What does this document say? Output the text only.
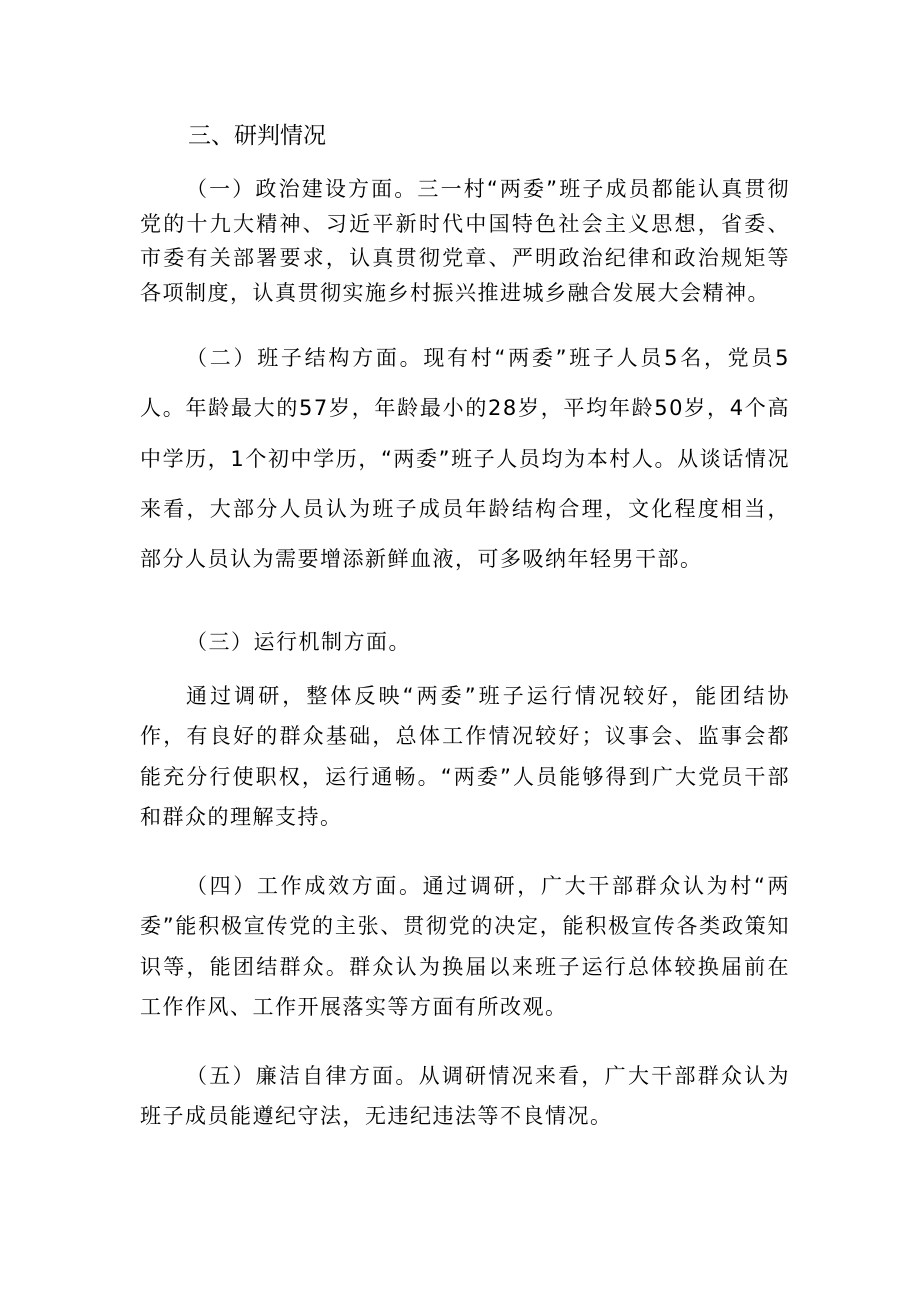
三、研判情况

（一）政治建设方面。三一村“两委”班子成员都能认真贯彻党的十九大精神、习近平新时代中国特色社会主义思想，省委、市委有关部署要求，认真贯彻党章、严明政治纪律和政治规矩等各项制度，认真贯彻实施乡村振兴推进城乡融合发展大会精神。

（二）班子结构方面。现有村“两委”班子人员5名，党员5人。年龄最大的57岁，年龄最小的28岁，平均年龄50岁，4个高中学历，1个初中学历，“两委”班子人员均为本村人。从谈话情况来看，大部分人员认为班子成员年龄结构合理，文化程度相当，部分人员认为需要增添新鲜血液，可多吸纳年轻男干部。

（三）运行机制方面。

通过调研，整体反映“两委”班子运行情况较好，能团结协作，有良好的群众基础，总体工作情况较好；议事会、监事会都能充分行使职权，运行通畅。“两委”人员能够得到广大党员干部和群众的理解支持。

（四）工作成效方面。通过调研，广大干部群众认为村“两委”能积极宣传党的主张、贯彻党的决定，能积极宣传各类政策知识等，能团结群众。群众认为换届以来班子运行总体较换届前在工作作风、工作开展落实等方面有所改观。

（五）廉洁自律方面。从调研情况来看，广大干部群众认为班子成员能遵纪守法，无违纪违法等不良情况。
